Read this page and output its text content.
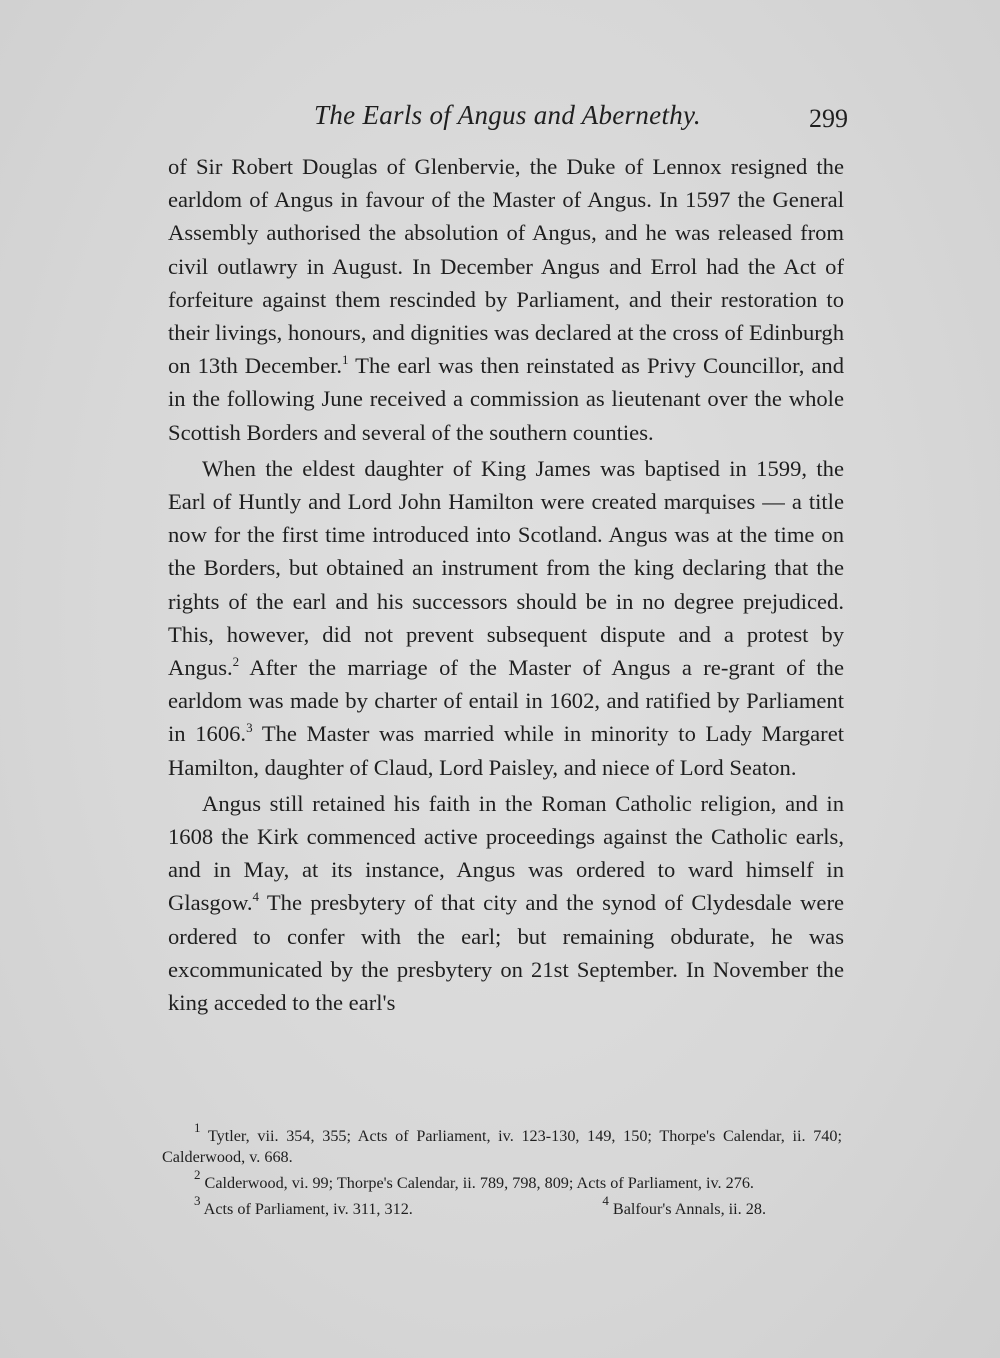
The Earls of Angus and Abernethy.	299

of Sir Robert Douglas of Glenbervie, the Duke of Lennox resigned the earldom of Angus in favour of the Master of Angus. In 1597 the General Assembly authorised the absolution of Angus, and he was released from civil outlawry in August. In December Angus and Errol had the Act of forfeiture against them rescinded by Parliament, and their restoration to their livings, honours, and dignities was declared at the cross of Edinburgh on 13th December.$^1$ The earl was then reinstated as Privy Councillor, and in the following June received a commission as lieutenant over the whole Scottish Borders and several of the southern counties.

When the eldest daughter of King James was baptised in 1599, the Earl of Huntly and Lord John Hamilton were created marquises — a title now for the first time introduced into Scotland. Angus was at the time on the Borders, but obtained an instrument from the king declaring that the rights of the earl and his successors should be in no degree prejudiced. This, however, did not prevent subsequent dispute and a protest by Angus.$^2$ After the marriage of the Master of Angus a re-grant of the earldom was made by charter of entail in 1602, and ratified by Parliament in 1606.$^3$ The Master was married while in minority to Lady Margaret Hamilton, daughter of Claud, Lord Paisley, and niece of Lord Seaton.

Angus still retained his faith in the Roman Catholic religion, and in 1608 the Kirk commenced active proceedings against the Catholic earls, and in May, at its instance, Angus was ordered to ward himself in Glasgow.$^4$ The presbytery of that city and the synod of Clydesdale were ordered to confer with the earl; but remaining obdurate, he was excommunicated by the presbytery on 21st September. In November the king acceded to the earl's

$^1$ Tytler, vii. 354, 355; Acts of Parliament, iv. 123-130, 149, 150; Thorpe's Calendar, ii. 740; Calderwood, v. 668.

$^2$ Calderwood, vi. 99; Thorpe's Calendar, ii. 789, 798, 809; Acts of Parliament, iv. 276.

$^3$ Acts of Parliament, iv. 311, 312.	$^4$ Balfour's Annals, ii. 28.
